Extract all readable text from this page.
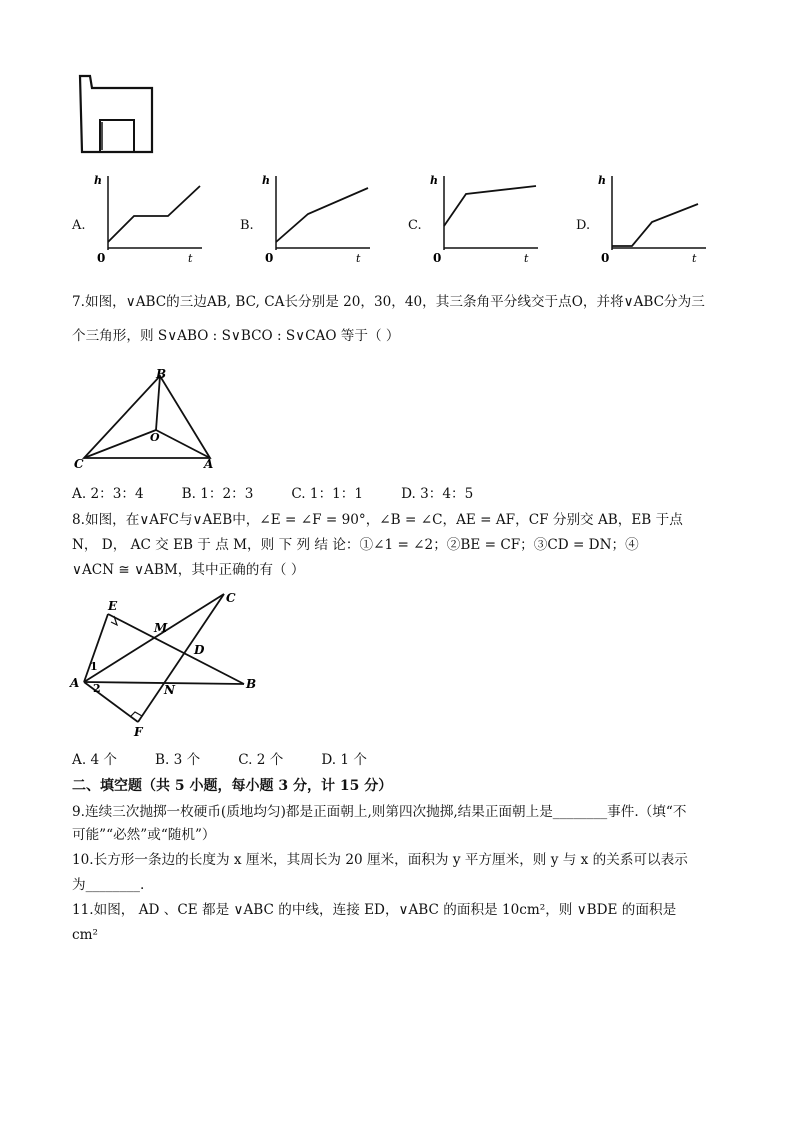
A.
h
0	t
B.
h
0	t
C.
h
0	t
D.
h
0	t
7.如图，∨ABC的三边AB, BC, CA长分别是 20，30，40，其三条角平分线交于点O，并将∨ABC分为三
个三角形，则 S∨ABO : S∨BCO : S∨CAO 等于（ ）
B
O
C	A
A. 2：3：4	B. 1：2：3	C. 1：1：1	D. 3：4：5
8.如图，在∨AFC与∨AEB中，∠E = ∠F = 90°，∠B = ∠C，AE = AF，CF 分别交 AB，EB 于点
N， D， AC 交 EB 于 点 M，则 下 列 结 论：①∠1 = ∠2；②BE = CF；③CD = DN；④
∨ACN ≅ ∨ABM，其中正确的有（ ）
E
C
M
D
A	N	B
F
1
2
A. 4 个	B. 3 个	C. 2 个	D. 1 个
二、填空题（共 5 小题，每小题 3 分，计 15 分）
9.连续三次抛掷一枚硬币(质地均匀)都是正面朝上,则第四次抛掷,结果正面朝上是________事件.（填“不
可能”“必然”或“随机”）
10.长方形一条边的长度为 x 厘米，其周长为 20 厘米，面积为 y 平方厘米，则 y 与 x 的关系可以表示
为________.
11.如图， AD 、CE 都是 ∨ABC 的中线，连接 ED，∨ABC 的面积是 10cm²，则 ∨BDE 的面积是
cm²
